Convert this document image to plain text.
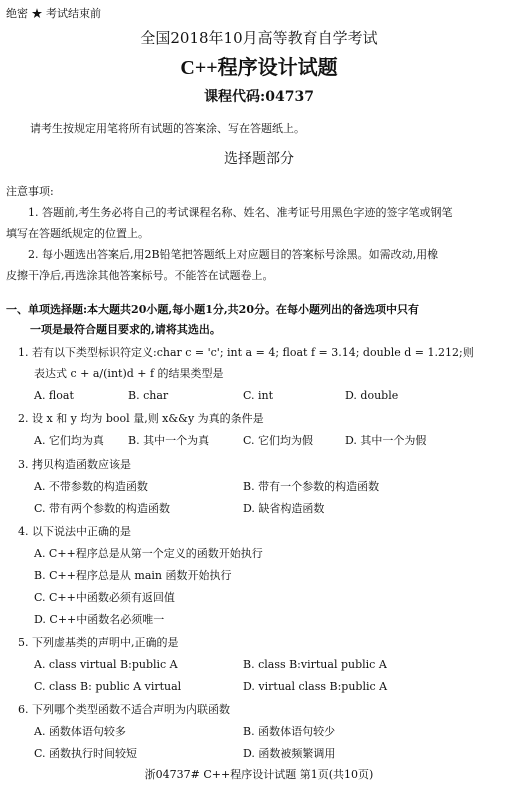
绝密 ★ 考试结束前
全国2018年10月高等教育自学考试
C++程序设计试题
课程代码:04737
请考生按规定用笔将所有试题的答案涂、写在答题纸上。
选择题部分
注意事项:
1. 答题前,考生务必将自己的考试课程名称、姓名、准考证号用黑色字迹的签字笔或钢笔
填写在答题纸规定的位置上。
2. 每小题选出答案后,用2B铅笔把答题纸上对应题目的答案标号涂黑。如需改动,用橡
皮擦干净后,再选涂其他答案标号。不能答在试题卷上。
一、单项选择题:本大题共20小题,每小题1分,共20分。在每小题列出的备选项中只有
一项是最符合题目要求的,请将其选出。
1. 若有以下类型标识符定义:char c = 'c'; int a = 4; float f = 3.14; double d = 1.212;则
表达式 c + a/(int)d + f 的结果类型是
A. float	B. char	C. int	D. double
2. 设 x 和 y 均为 bool 量,则 x&&y 为真的条件是
A. 它们均为真 B. 其中一个为真	C. 它们均为假	D. 其中一个为假
3. 拷贝构造函数应该是
A. 不带参数的构造函数	B. 带有一个参数的构造函数
C. 带有两个参数的构造函数	D. 缺省构造函数
4. 以下说法中正确的是
A. C++程序总是从第一个定义的函数开始执行
B. C++程序总是从 main 函数开始执行
C. C++中函数必须有返回值
D. C++中函数名必须唯一
5. 下列虚基类的声明中,正确的是
A. class virtual B:public A	B. class B:virtual public A
C. class B: public A virtual	D. virtual class B:public A
6. 下列哪个类型函数不适合声明为内联函数
A. 函数体语句较多	B. 函数体语句较少
C. 函数执行时间较短	D. 函数被频繁调用
浙04737# C++程序设计试题 第1页(共10页)
